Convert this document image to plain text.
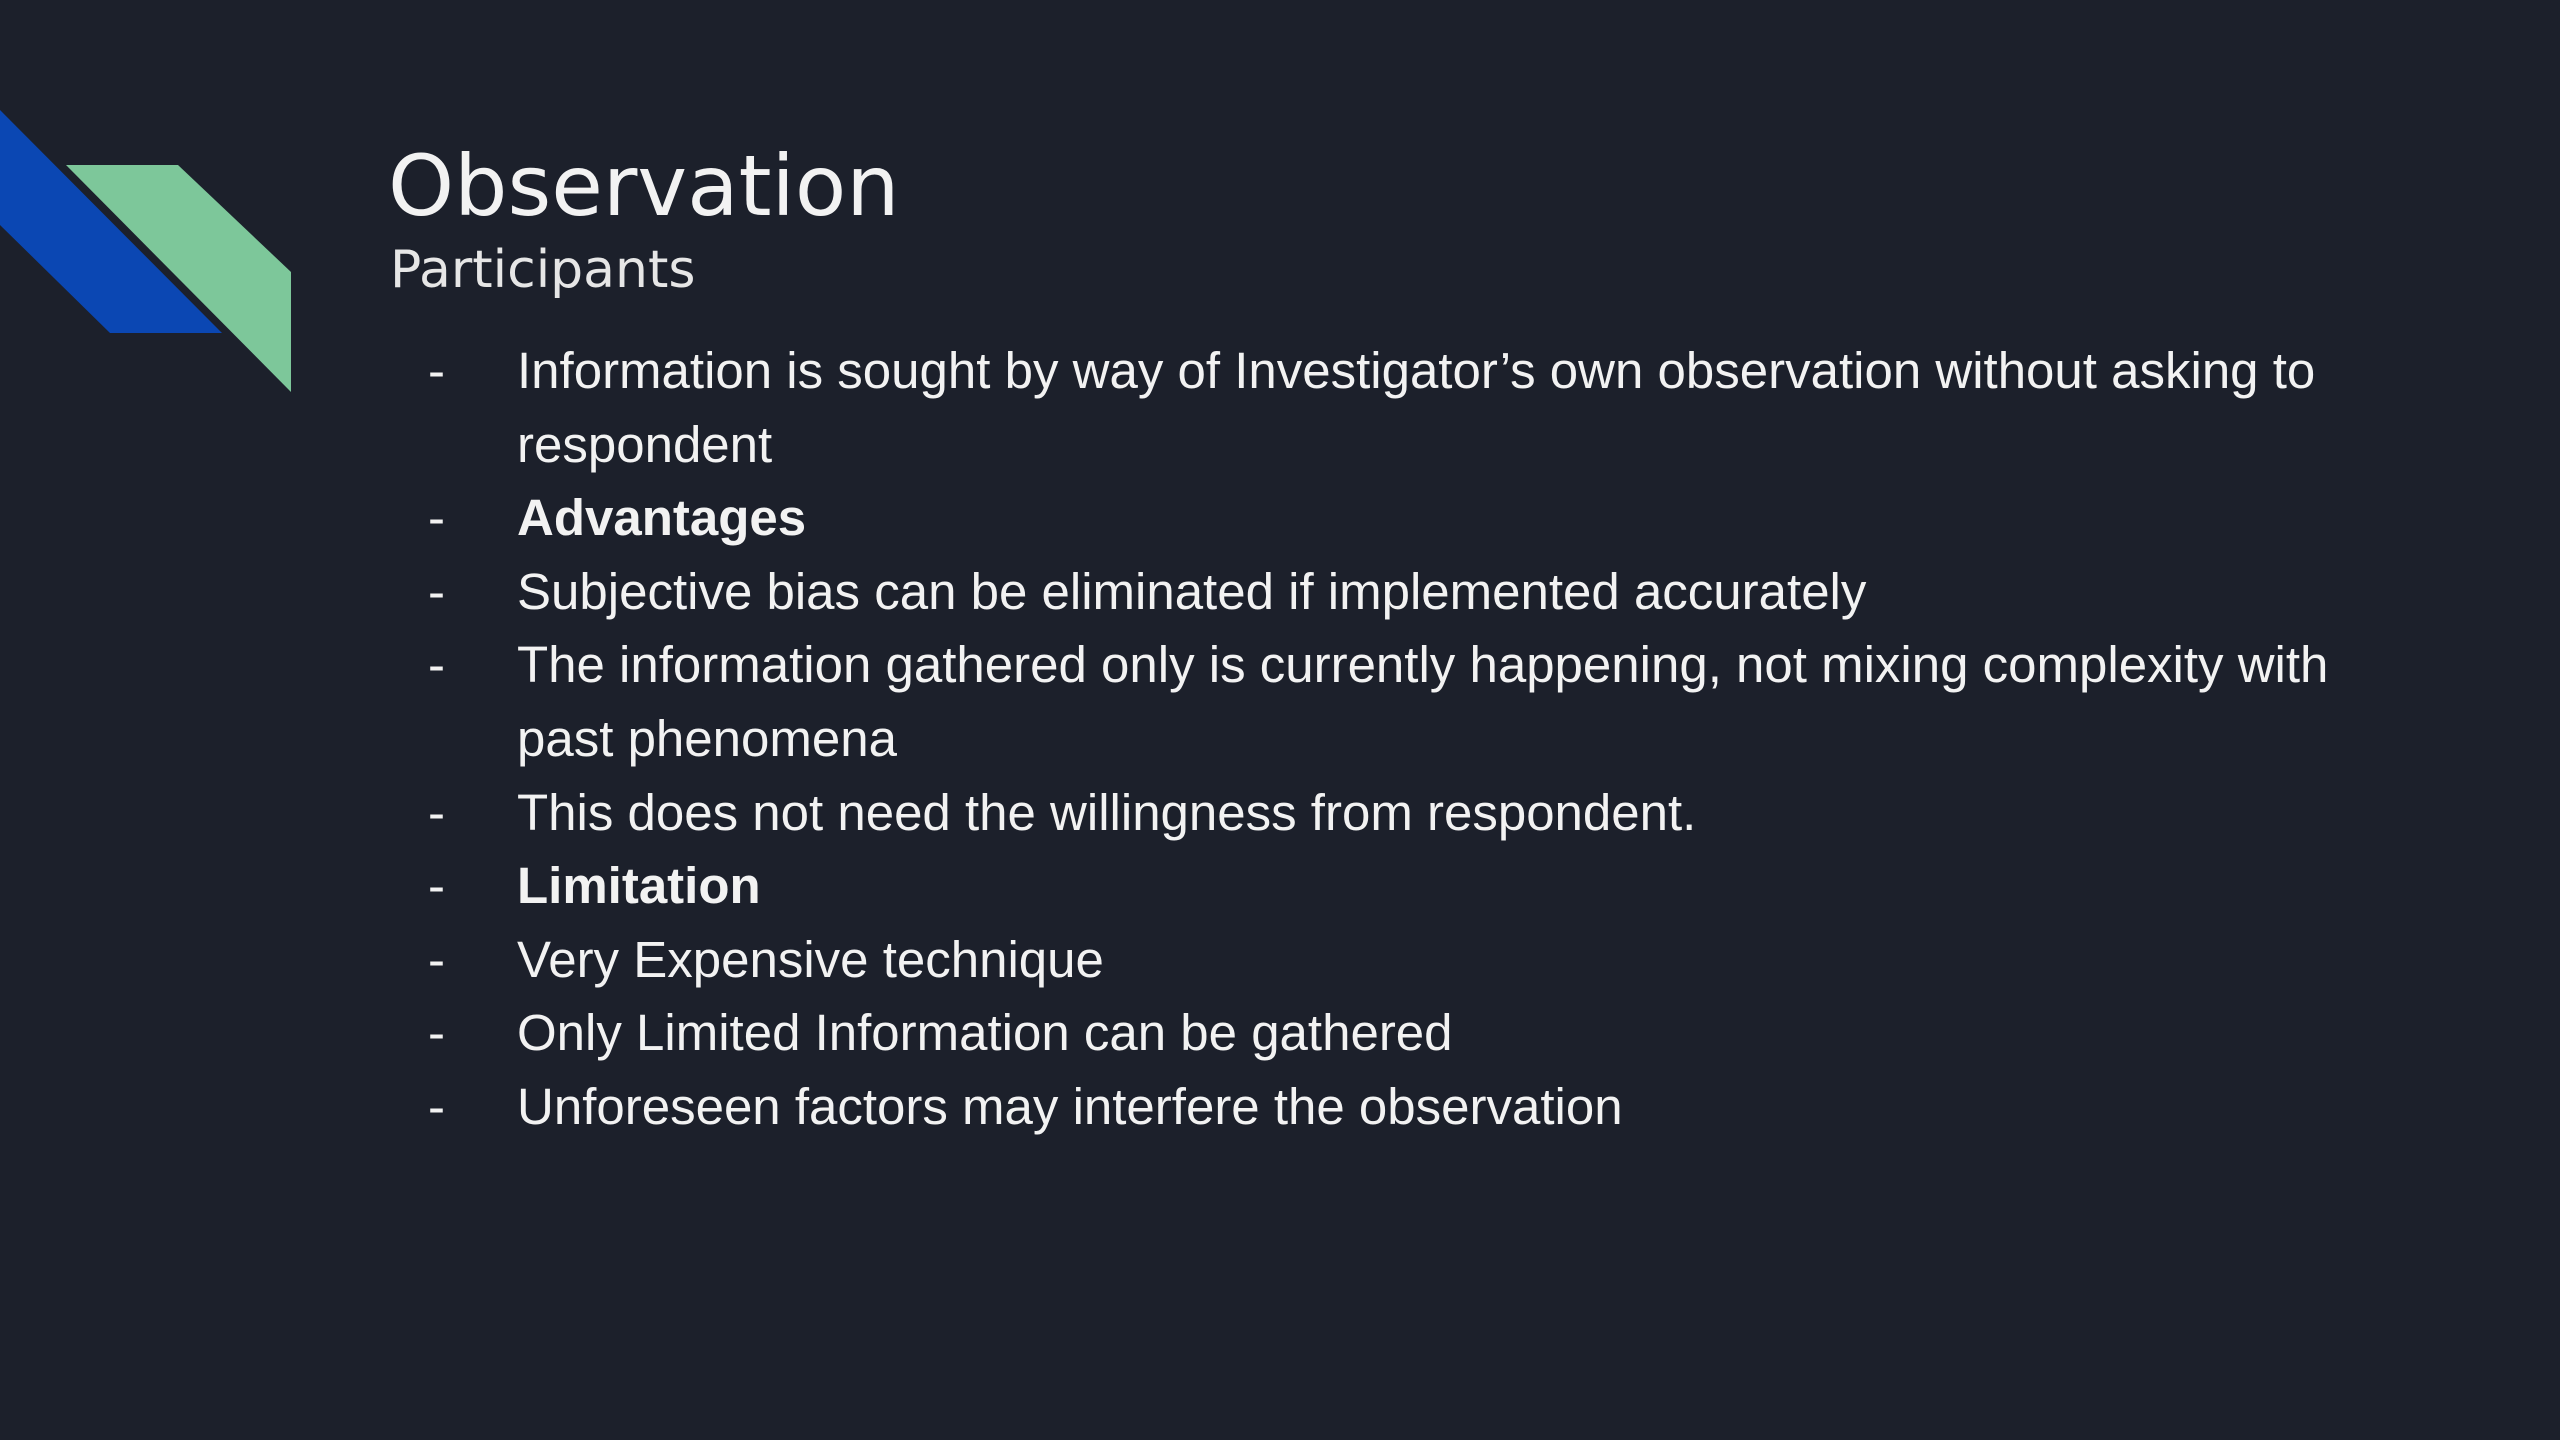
Observation
Participants
- Information is sought by way of Investigator’s own observation without asking to respondent
- Advantages
- Subjective bias can be eliminated if implemented accurately
- The information gathered only is currently happening, not mixing complexity with past phenomena
- This does not need the willingness from respondent.
- Limitation
- Very Expensive technique
- Only Limited Information can be gathered
- Unforeseen factors may interfere the observation
